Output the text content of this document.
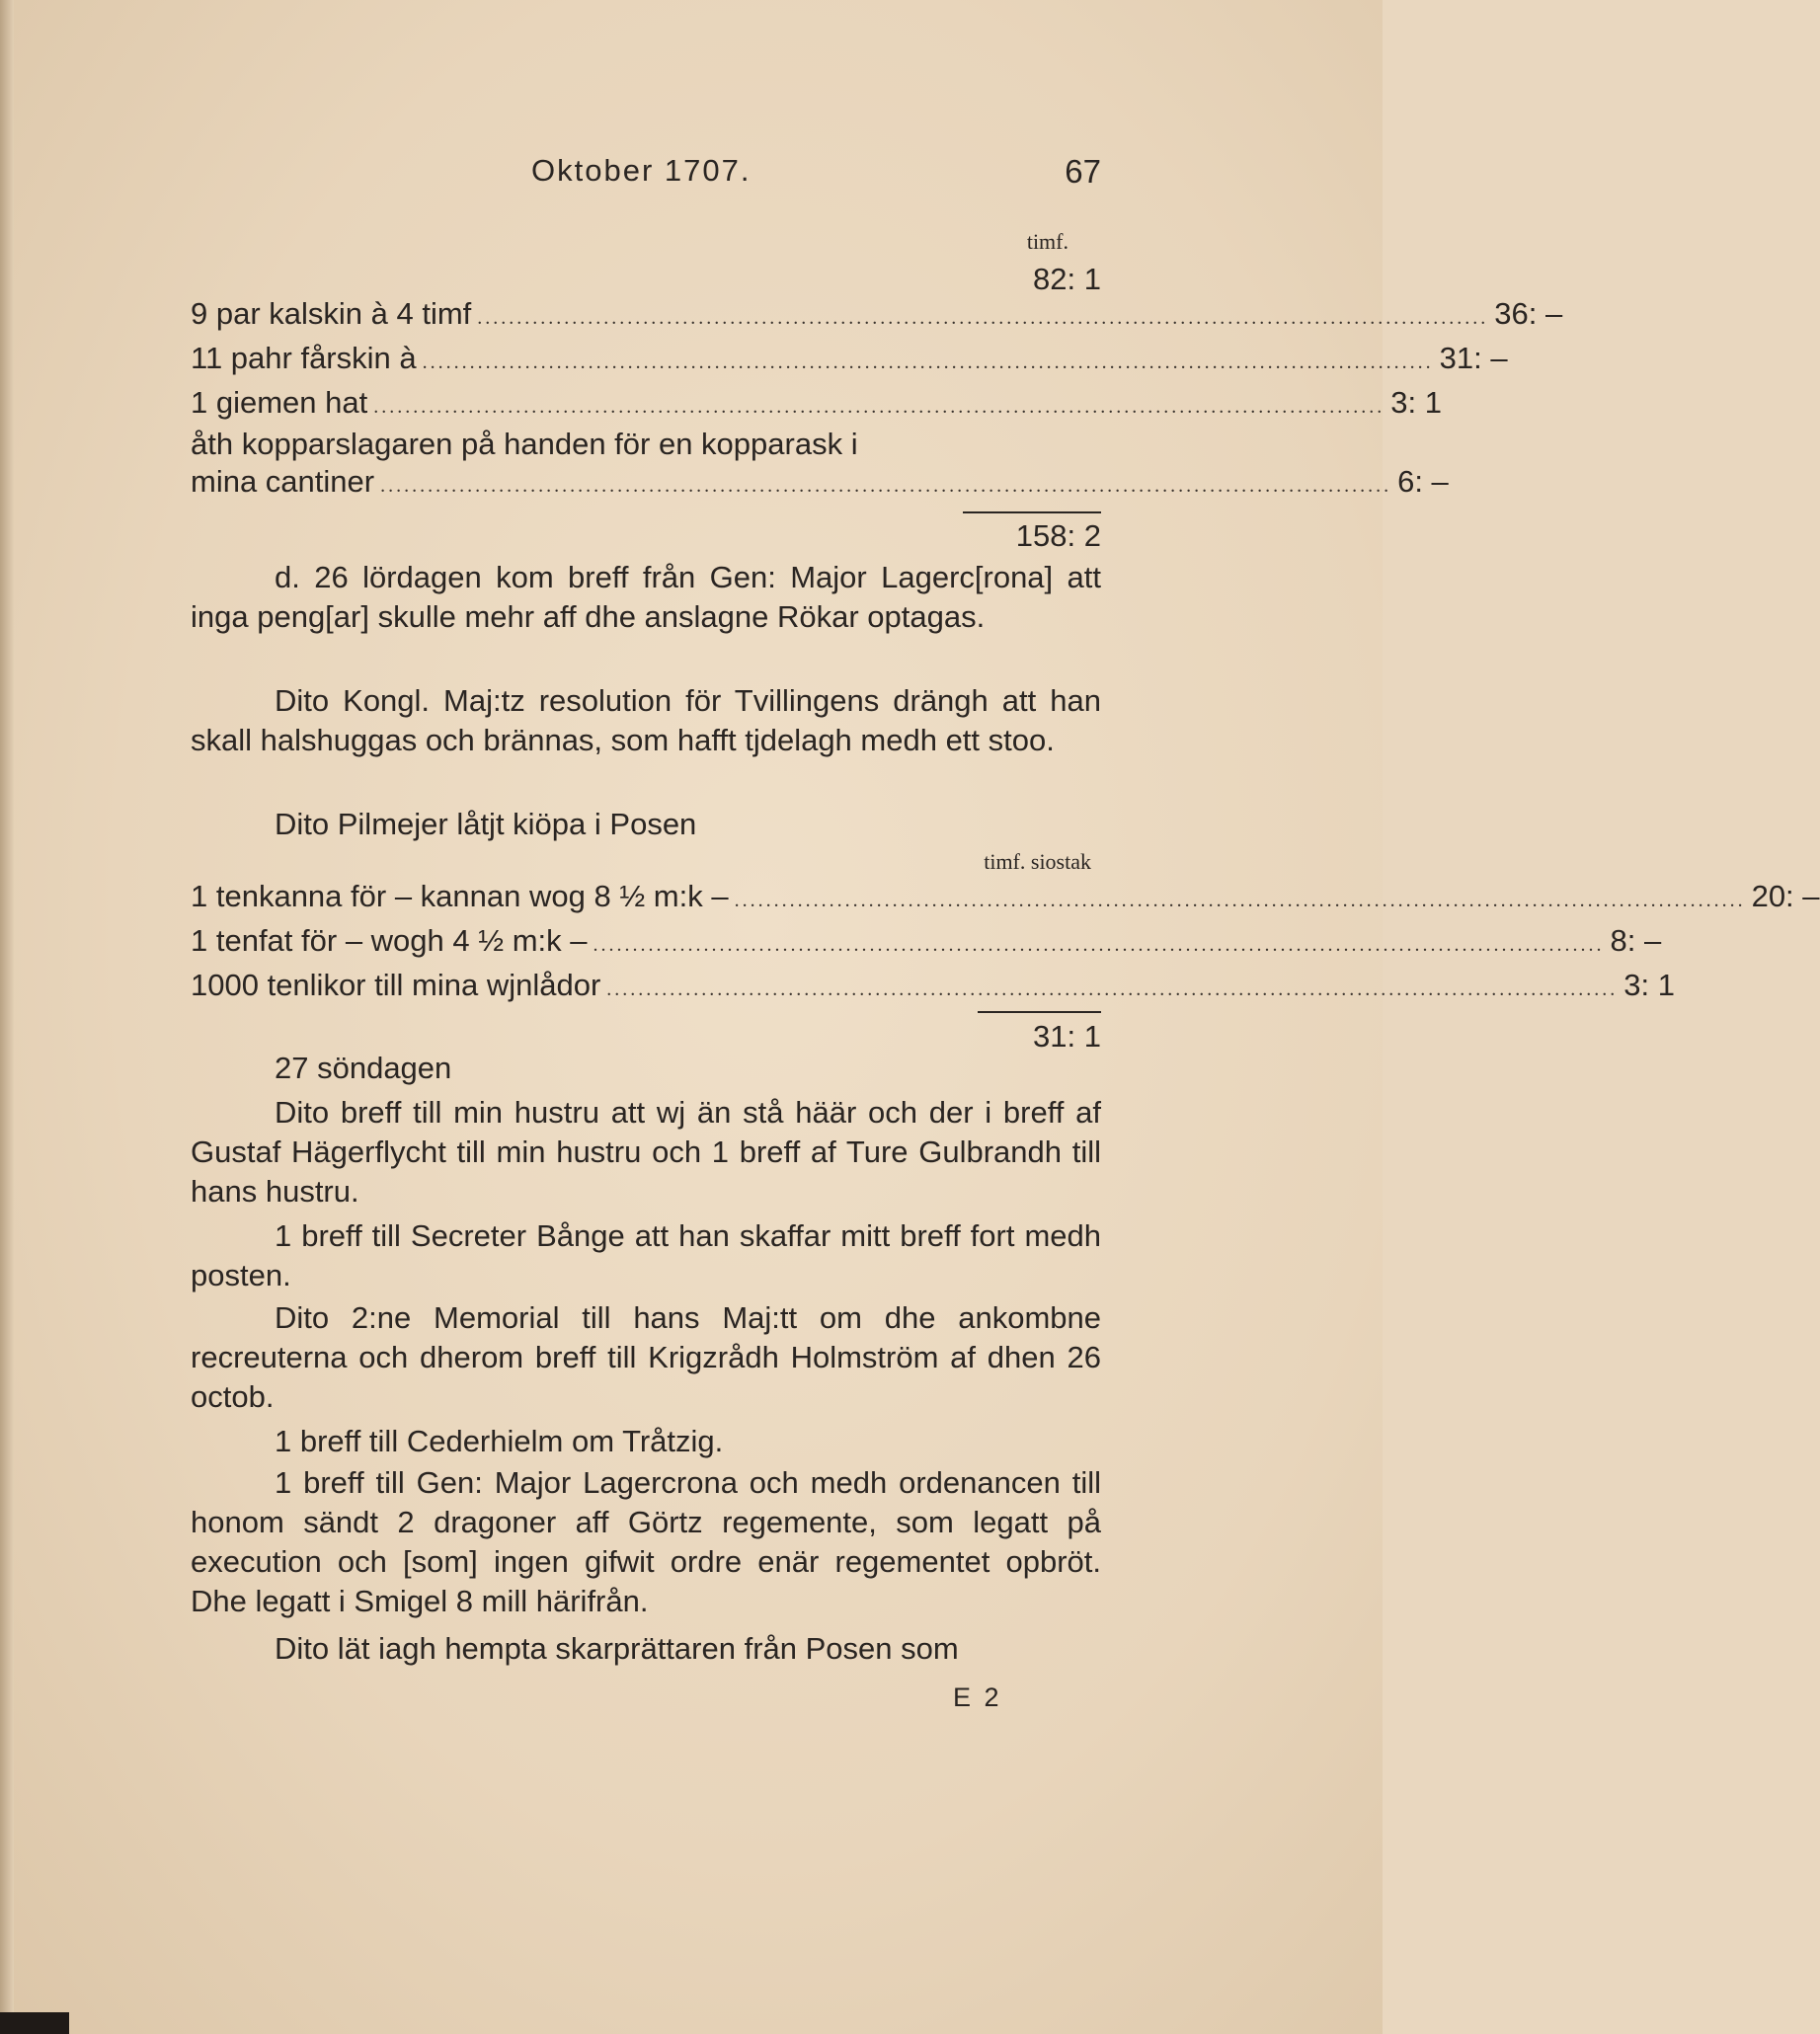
Oktober 1707.	67
timf.
82: 1
9 par kalskin à 4 timf ................................................................................................................................ 36: –
11 pahr fårskin à ................................................................................................................................ 31: –
1 giemen hat ................................................................................................................................ 3: 1
åth kopparslagaren på handen för en kopparask i
mina cantiner ................................................................................................................................ 6: –
158: 2
d. 26 lördagen kom breff från Gen: Major Lagerc[rona] att inga peng[ar] skulle mehr aff dhe anslagne Rökar optagas.
Dito Kongl. Maj:tz resolution för Tvillingens drängh att han skall halshuggas och brännas, som hafft tjdelagh medh ett stoo.
Dito Pilmejer låtjt kiöpa i Posen
timf. siostak
1 tenkanna för – kannan wog 8 ½ m:k – ................................................................................................................................ 20: –
1 tenfat för – wogh 4 ½ m:k – ................................................................................................................................ 8: –
1000 tenlikor till mina wjnlådor ................................................................................................................................ 3: 1
31: 1
27 söndagen
Dito breff till min hustru att wj än stå häär och der i breff af Gustaf Hägerflycht till min hustru och 1 breff af Ture Gulbrandh till hans hustru.
1 breff till Secreter Bånge att han skaffar mitt breff fort medh posten.
Dito 2:ne Memorial till hans Maj:tt om dhe ankombne recreuterna och dherom breff till Krigzrådh Holmström af dhen 26 octob.
1 breff till Cederhielm om Tråtzig.
1 breff till Gen: Major Lagercrona och medh ordenancen till honom sändt 2 dragoner aff Görtz regemente, som legatt på execution och [som] ingen gifwit ordre enär regementet opbröt. Dhe legatt i Smigel 8 mill härifrån.
Dito lät iagh hempta skarprättaren från Posen som
E 2
